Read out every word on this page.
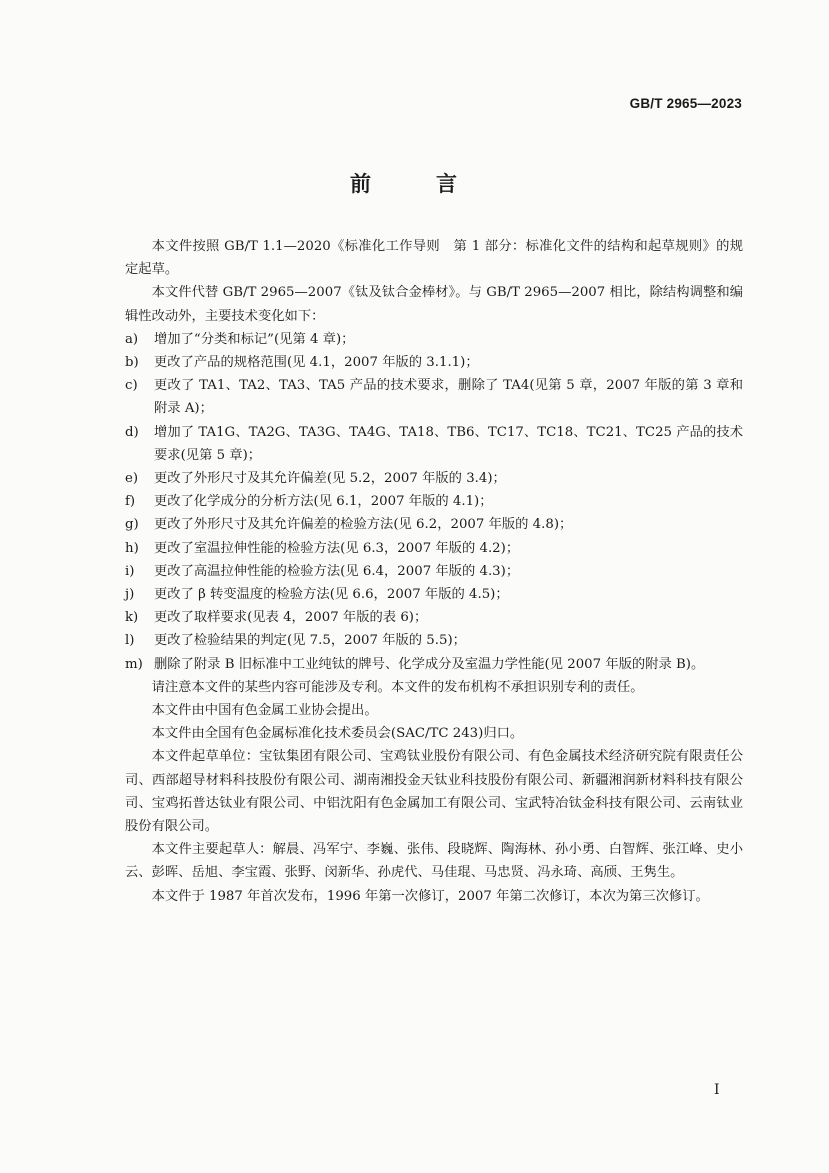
GB/T 2965—2023
前　言

本文件按照 GB/T 1.1—2020《标准化工作导则　第 1 部分：标准化文件的结构和起草规则》的规定起草。

本文件代替 GB/T 2965—2007《钛及钛合金棒材》。与 GB/T 2965—2007 相比，除结构调整和编辑性改动外，主要技术变化如下：

a)	增加了“分类和标记”(见第 4 章)；
b)	更改了产品的规格范围(见 4.1，2007 年版的 3.1.1)；
c)	更改了 TA1、TA2、TA3、TA5 产品的技术要求，删除了 TA4(见第 5 章，2007 年版的第 3 章和附录 A)；
d)	增加了 TA1G、TA2G、TA3G、TA4G、TA18、TB6、TC17、TC18、TC21、TC25 产品的技术要求(见第 5 章)；
e)	更改了外形尺寸及其允许偏差(见 5.2，2007 年版的 3.4)；
f)	更改了化学成分的分析方法(见 6.1，2007 年版的 4.1)；
g)	更改了外形尺寸及其允许偏差的检验方法(见 6.2，2007 年版的 4.8)；
h)	更改了室温拉伸性能的检验方法(见 6.3，2007 年版的 4.2)；
i)	更改了高温拉伸性能的检验方法(见 6.4，2007 年版的 4.3)；
j)	更改了 β 转变温度的检验方法(见 6.6，2007 年版的 4.5)；
k)	更改了取样要求(见表 4，2007 年版的表 6)；
l)	更改了检验结果的判定(见 7.5，2007 年版的 5.5)；
m) 删除了附录 B 旧标准中工业纯钛的牌号、化学成分及室温力学性能(见 2007 年版的附录 B)。

请注意本文件的某些内容可能涉及专利。本文件的发布机构不承担识别专利的责任。

本文件由中国有色金属工业协会提出。

本文件由全国有色金属标准化技术委员会(SAC/TC 243)归口。

本文件起草单位：宝钛集团有限公司、宝鸡钛业股份有限公司、有色金属技术经济研究院有限责任公司、西部超导材料科技股份有限公司、湖南湘投金天钛业科技股份有限公司、新疆湘润新材料科技有限公司、宝鸡拓普达钛业有限公司、中铝沈阳有色金属加工有限公司、宝武特冶钛金科技有限公司、云南钛业股份有限公司。

本文件主要起草人：解晨、冯军宁、李巍、张伟、段晓辉、陶海林、孙小勇、白智辉、张江峰、史小云、彭晖、岳旭、李宝霞、张野、闵新华、孙虎代、马佳琨、马忠贤、冯永琦、高颀、王隽生。

本文件于 1987 年首次发布，1996 年第一次修订，2007 年第二次修订，本次为第三次修订。

I
